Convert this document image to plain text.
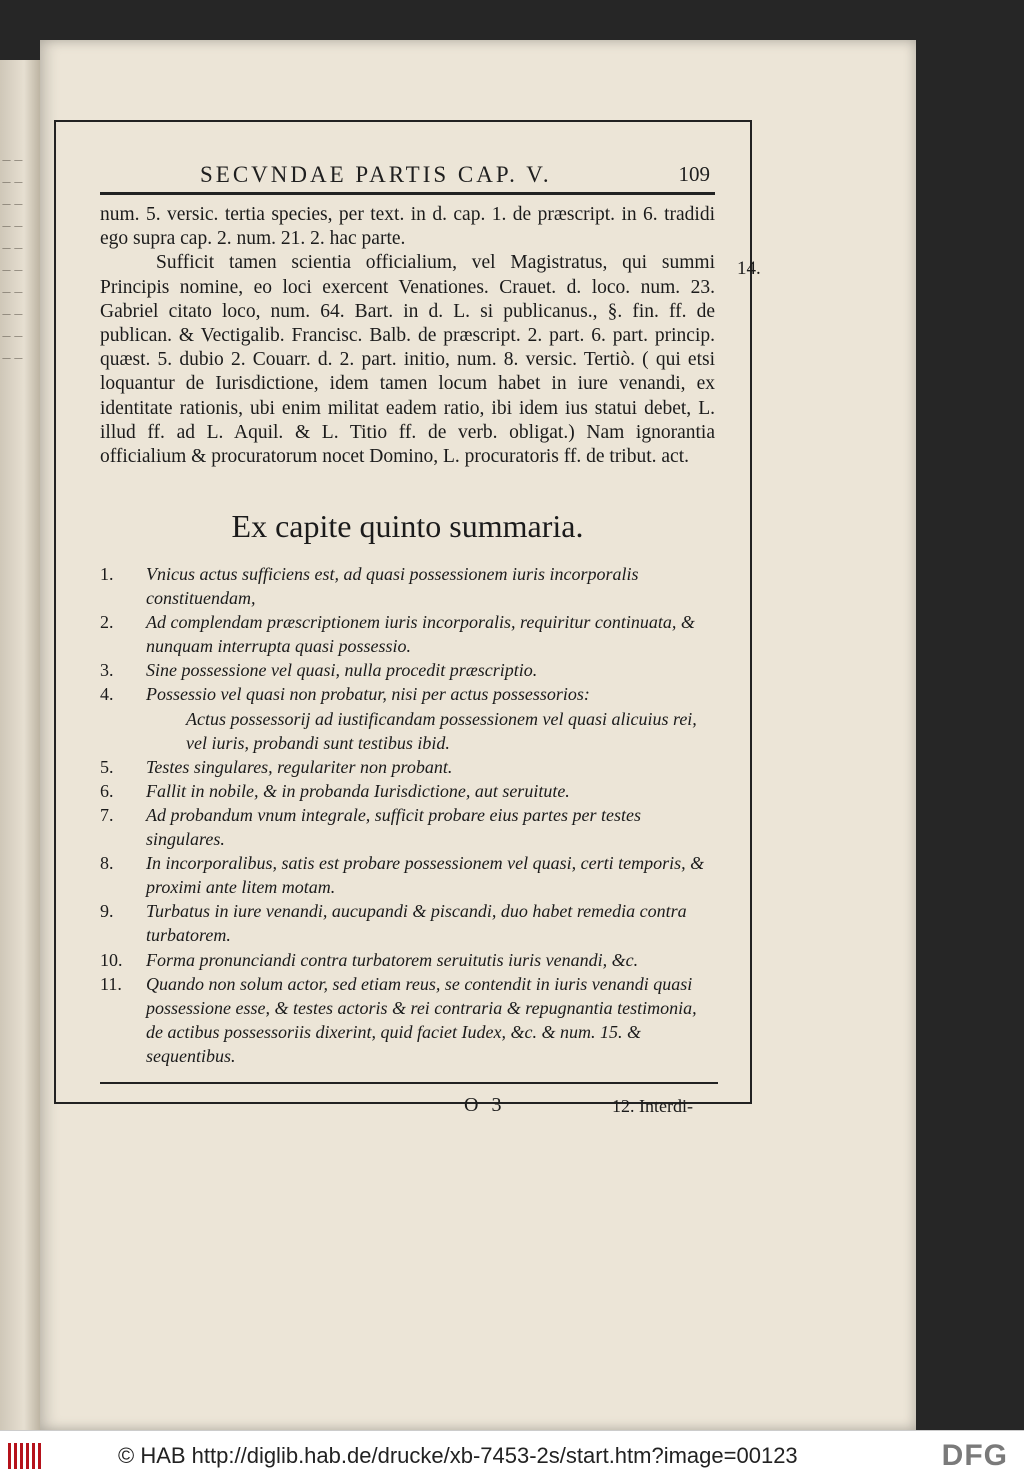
— — — — — — — — — — — — — — — — — — — —
SECVNDAE PARTIS CAP. V.	109

num. 5. versic. tertia species, per text. in d. cap. 1. de præscript. in 6. tradidi ego supra cap. 2. num. 21. 2. hac parte.

Sufficit tamen scientia officialium, vel Magistratus, qui summi Principis nomine, eo loci exercent Venationes. Crauet. d. loco. num. 23. Gabriel citato loco, num. 64. Bart. in d. L. si publicanus., §. fin. ff. de publican. & Vectigalib. Francisc. Balb. de præscript. 2. part. 6. part. princip. quæst. 5. dubio 2. Couarr. d. 2. part. initio, num. 8. versic. Tertiò. ( qui etsi loquantur de Iurisdictione, idem tamen locum habet in iure venandi, ex identitate rationis, ubi enim militat eadem ratio, ibi idem ius statui debet, L. illud ff. ad L. Aquil. & L. Titio ff. de verb. obligat.) Nam ignorantia officialium & procuratorum nocet Domino, L. procuratoris ff. de tribut. act.

14.
Ex capite quinto summaria.
1. Vnicus actus sufficiens est, ad quasi possessionem iuris incorporalis constituendam,
2. Ad complendam præscriptionem iuris incorporalis, requiritur continuata, & nunquam interrupta quasi possessio.
3. Sine possessione vel quasi, nulla procedit præscriptio.
4. Possessio vel quasi non probatur, nisi per actus possessorios:
Actus possessorij ad iustificandam possessionem vel quasi alicuius rei, vel iuris, probandi sunt testibus ibid.
5. Testes singulares, regulariter non probant.
6. Fallit in nobile, & in probanda Iurisdictione, aut seruitute.
7. Ad probandum vnum integrale, sufficit probare eius partes per testes singulares.
8. In incorporalibus, satis est probare possessionem vel quasi, certi temporis, & proximi ante litem motam.
9. Turbatus in iure venandi, aucupandi & piscandi, duo habet remedia contra turbatorem.
10. Forma pronunciandi contra turbatorem seruitutis iuris venandi, &c.
11. Quando non solum actor, sed etiam reus, se contendit in iuris venandi quasi possessione esse, & testes actoris & rei contraria & repugnantia testimonia, de actibus possessoriis dixerint, quid faciet Iudex, &c. & num. 15. & sequentibus.
O 3	12. Interdi-
© HAB http://diglib.hab.de/drucke/xb-7453-2s/start.htm?image=00123	DFG
